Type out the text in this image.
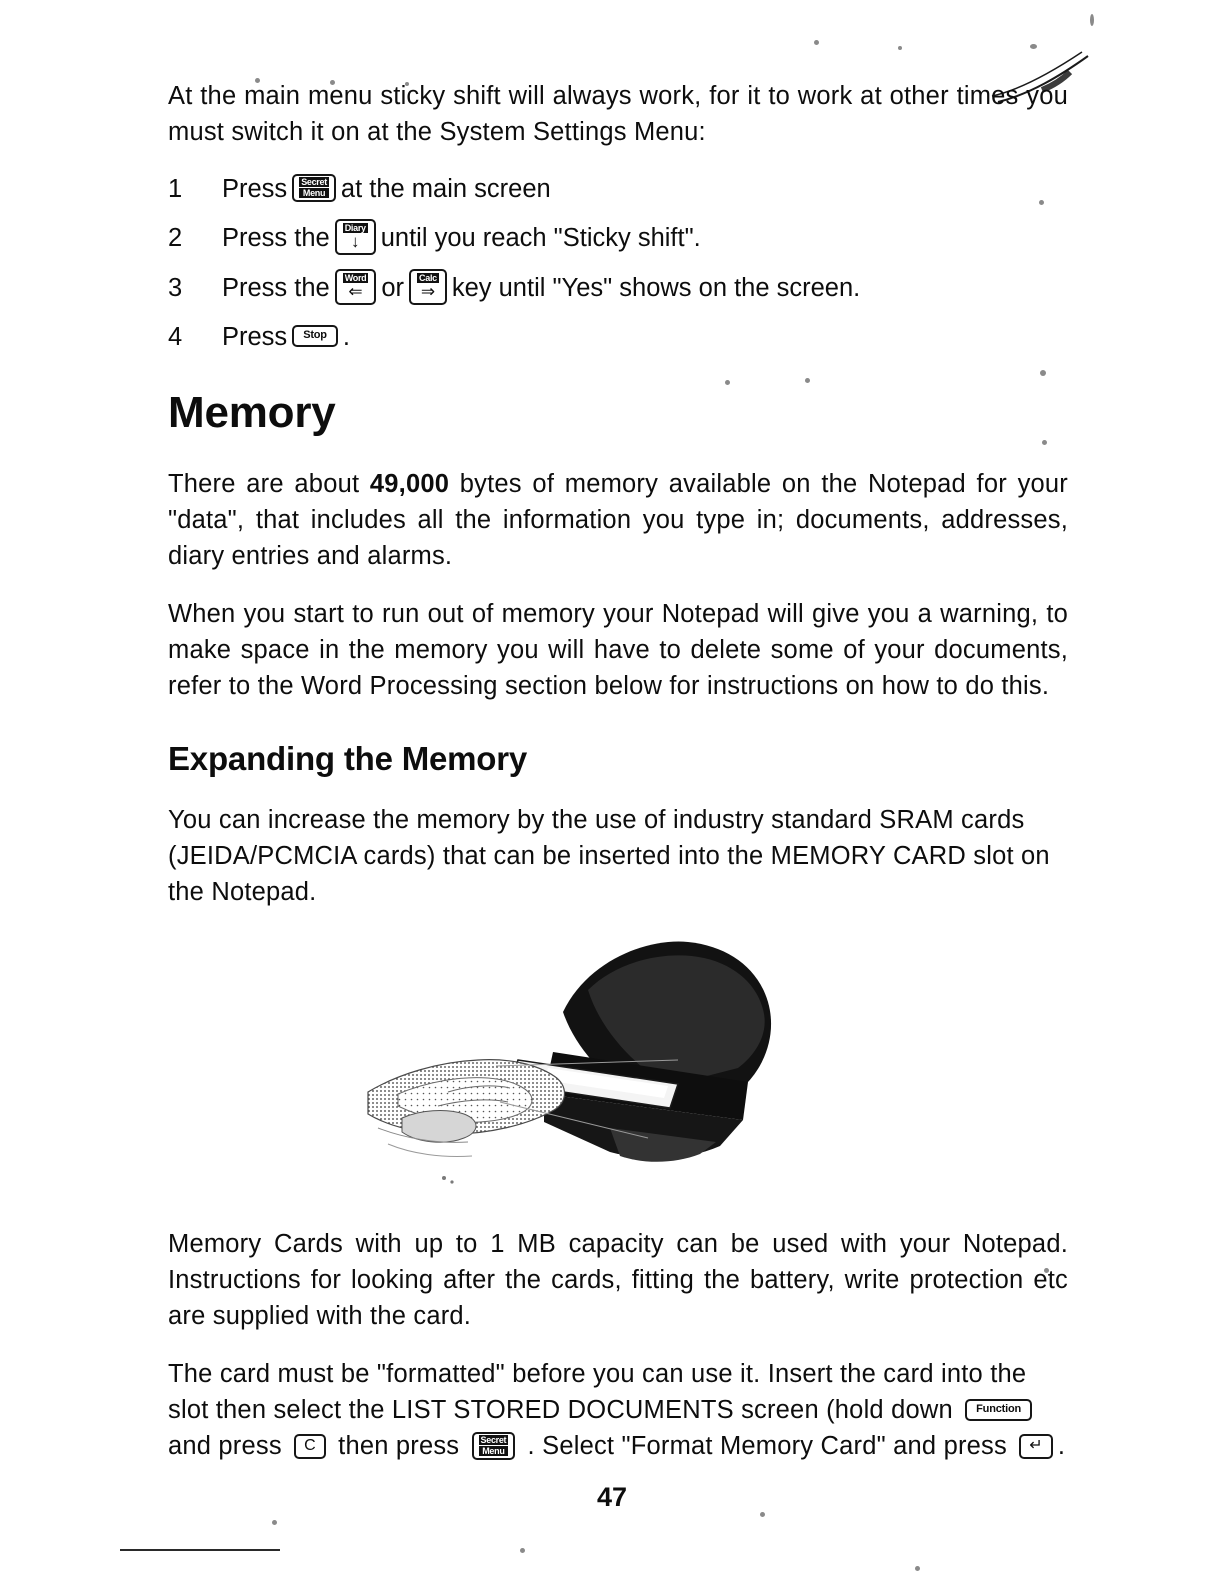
At the main menu sticky shift will always work, for it to work at other times you must switch it on at the System Settings Menu:

1	Press Secret
Menu at the main screen
2	Press the Diary
↓ until you reach "Sticky shift".
3	Press the Word
⇐ or Calc
⇒ key until "Yes" shows on the screen.
4	Press Stop .
Memory

There are about 49,000 bytes of memory available on the Notepad for your "data", that includes all the information you type in; documents, addresses, diary entries and alarms.

When you start to run out of memory your Notepad will give you a warning, to make space in the memory you will have to delete some of your documents, refer to the Word Processing section below for instructions on how to do this.

Expanding the Memory

You can increase the memory by the use of industry standard SRAM cards (JEIDA/PCMCIA cards) that can be inserted into the MEMORY CARD slot on the Notepad.

Memory Cards with up to 1 MB capacity can be used with your Notepad. Instructions for looking after the cards, fitting the battery, write protection etc are supplied with the card.

The card must be "formatted" before you can use it. Insert the card into the slot then select the LIST STORED DOCUMENTS screen (hold down Function
and press C then press Secret
Menu . Select "Format Memory Card" and press ↵ .

47
